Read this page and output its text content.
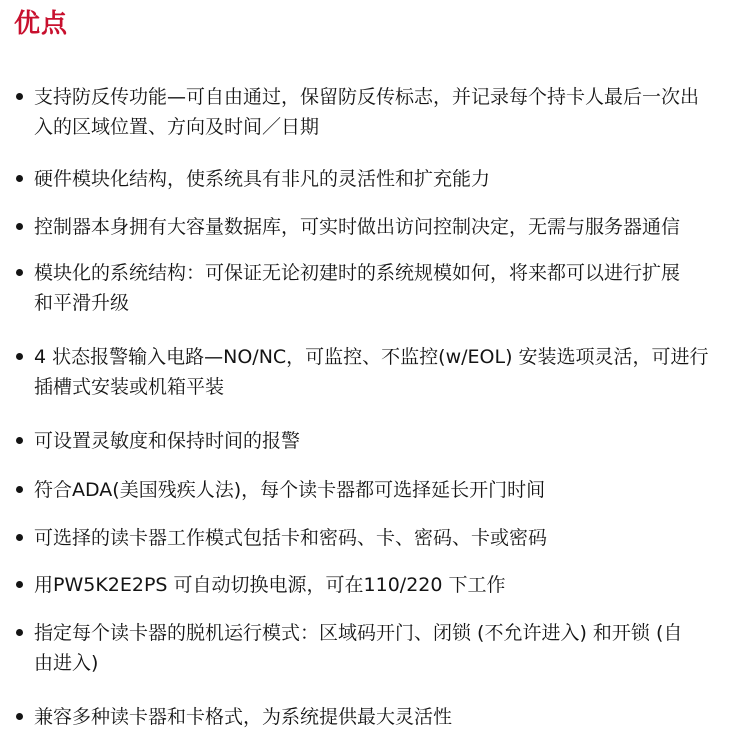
优点
支持防反传功能—可自由通过，保留防反传标志，并记录每个持卡人最后一次出
入的区域位置、方向及时间／日期
硬件模块化结构，使系统具有非凡的灵活性和扩充能力
控制器本身拥有大容量数据库，可实时做出访问控制决定，无需与服务器通信
模块化的系统结构：可保证无论初建时的系统规模如何，将来都可以进行扩展
和平滑升级
4 状态报警输入电路—NO/NC，可监控、不监控(w/EOL) 安装选项灵活，可进行
插槽式安装或机箱平装
可设置灵敏度和保持时间的报警
符合ADA(美国残疾人法)，每个读卡器都可选择延长开门时间
可选择的读卡器工作模式包括卡和密码、卡、密码、卡或密码
用PW5K2E2PS 可自动切换电源，可在110/220 下工作
指定每个读卡器的脱机运行模式：区域码开门、闭锁 (不允许进入) 和开锁 (自
由进入)
兼容多种读卡器和卡格式，为系统提供最大灵活性
